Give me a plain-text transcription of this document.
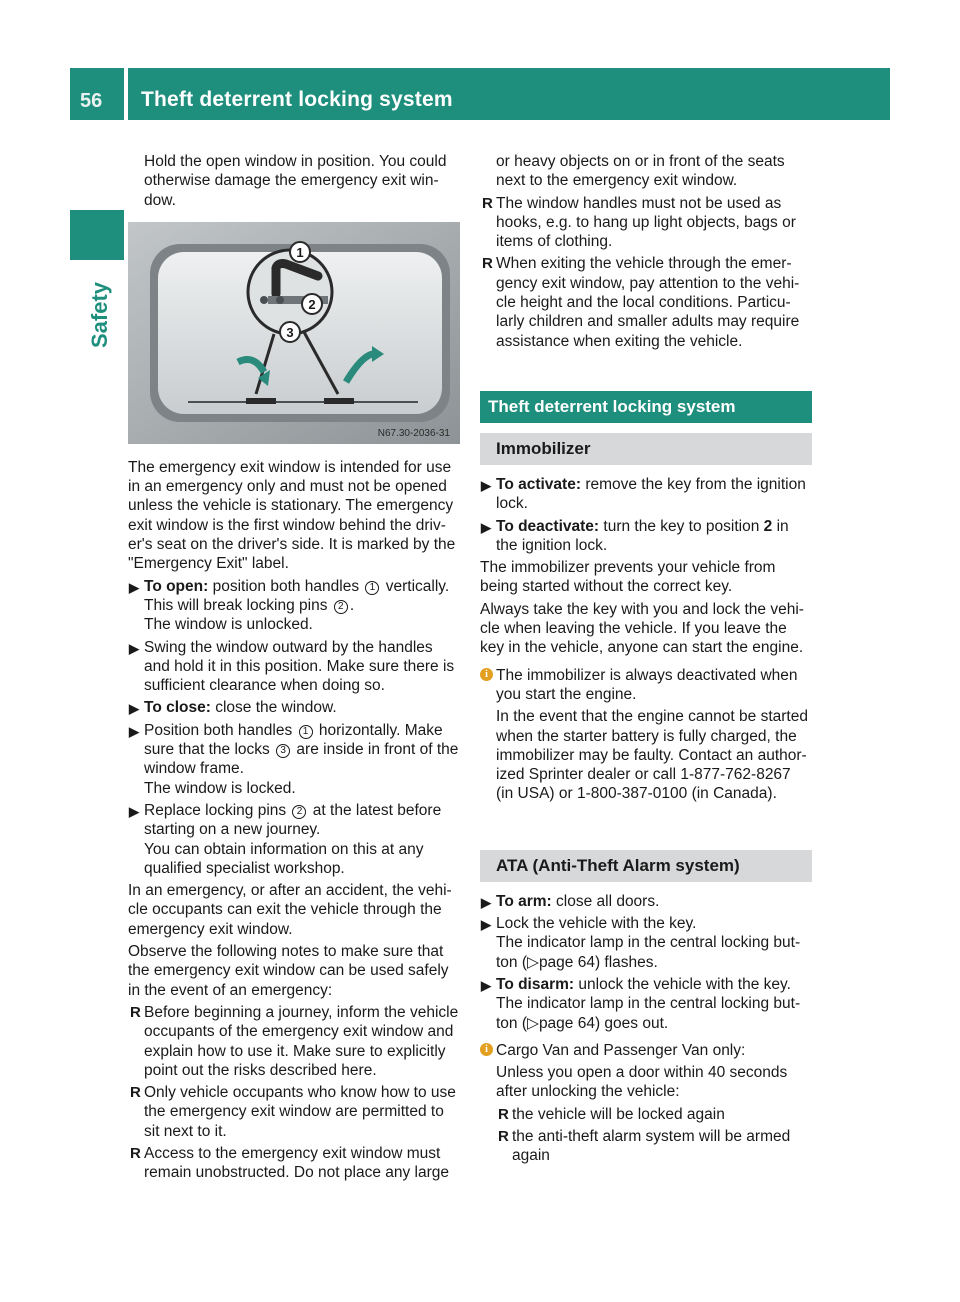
56 Theft deterrent locking system
Safety

Hold the open window in position. You could otherwise damage the emergency exit win- dow.

1
2
3
N67.30-2036-31

The emergency exit window is intended for use in an emergency only and must not be opened unless the vehicle is stationary. The emergency exit window is the first window behind the driv- er's seat on the driver's side. It is marked by the "Emergency Exit" label.

▶ To open: position both handles 1 vertically. This will break locking pins 2 .
The window is unlocked.
▶ Swing the window outward by the handles and hold it in this position. Make sure there is sufficient clearance when doing so.
▶ To close: close the window.
▶ Position both handles 1 horizontally. Make sure that the locks 3 are inside in front of the window frame.
The window is locked.
▶ Replace locking pins 2 at the latest before starting on a new journey.
You can obtain information on this at any qualified specialist workshop.

In an emergency, or after an accident, the vehi- cle occupants can exit the vehicle through the emergency exit window.

Observe the following notes to make sure that the emergency exit window can be used safely in the event of an emergency:

R Before beginning a journey, inform the vehicle occupants of the emergency exit window and explain how to use it. Make sure to explicitly point out the risks described here.
R Only vehicle occupants who know how to use the emergency exit window are permitted to sit next to it.
R Access to the emergency exit window must remain unobstructed. Do not place any large

or heavy objects on or in front of the seats next to the emergency exit window.

R The window handles must not be used as hooks, e.g. to hang up light objects, bags or items of clothing.
R When exiting the vehicle through the emer- gency exit window, pay attention to the vehi- cle height and the local conditions. Particu- larly children and smaller adults may require assistance when exiting the vehicle.
Theft deterrent locking system
Immobilizer
▶ To activate: remove the key from the ignition lock.
▶ To deactivate: turn the key to position 2 in the ignition lock.

The immobilizer prevents your vehicle from being started without the correct key.

Always take the key with you and lock the vehi- cle when leaving the vehicle. If you leave the key in the vehicle, anyone can start the engine.

i The immobilizer is always deactivated when you start the engine.

In the event that the engine cannot be started when the starter battery is fully charged, the immobilizer may be faulty. Contact an author- ized Sprinter dealer or call 1-877-762-8267 (in USA) or 1-800-387-0100 (in Canada).

ATA (Anti-Theft Alarm system)
▶ To arm: close all doors.
▶ Lock the vehicle with the key.
The indicator lamp in the central locking but- ton (▷page 64) flashes.
▶ To disarm: unlock the vehicle with the key.
The indicator lamp in the central locking but- ton (▷page 64) goes out.
i Cargo Van and Passenger Van only:

Unless you open a door within 40 seconds after unlocking the vehicle:

R the vehicle will be locked again
R the anti-theft alarm system will be armed again
